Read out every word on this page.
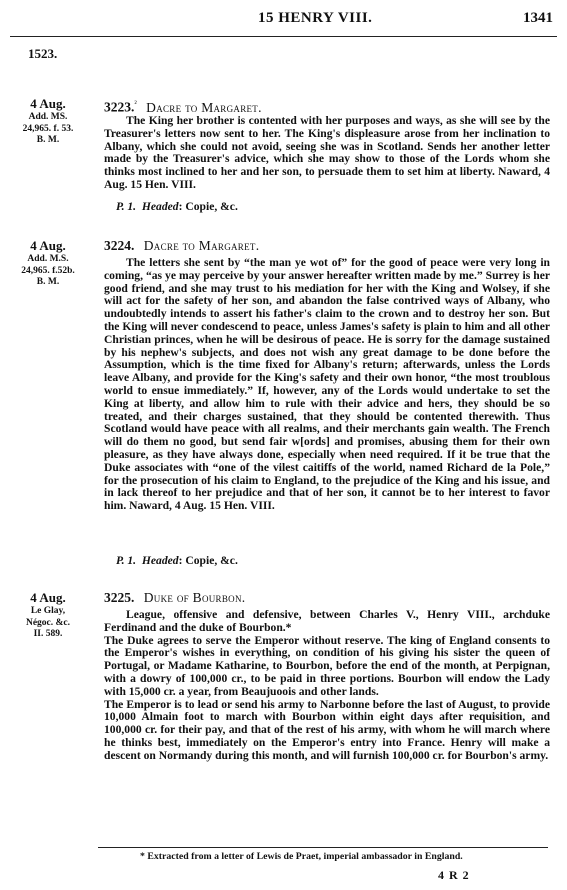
15 HENRY VIII.	1341
1523.
4 Aug.
Add. MS.
24,965. f. 53.
B. M.
3223.$^{^2}$ Dacre to Margaret.

The King her brother is contented with her purposes and ways, as she will see by the Treasurer's letters now sent to her. The King's displeasure arose from her inclination to Albany, which she could not avoid, seeing she was in Scotland. Sends her another letter made by the Treasurer's advice, which she may show to those of the Lords whom she thinks most inclined to her and her son, to persuade them to set him at liberty. Naward, 4 Aug. 15 Hen. VIII.

P. 1. Headed: Copie, &c.
4 Aug.
Add. M.S.
24,965. f.52b.
B. M.
3224. Dacre to Margaret.

The letters she sent by “the man ye wot of” for the good of peace were very long in coming, “as ye may perceive by your answer hereafter written made by me.” Surrey is her good friend, and she may trust to his mediation for her with the King and Wolsey, if she will act for the safety of her son, and abandon the false contrived ways of Albany, who undoubtedly intends to assert his father's claim to the crown and to destroy her son. But the King will never condescend to peace, unless James's safety is plain to him and all other Christian princes, when he will be desirous of peace. He is sorry for the damage sustained by his nephew's subjects, and does not wish any great damage to be done before the Assumption, which is the time fixed for Albany's return; afterwards, unless the Lords leave Albany, and provide for the King's safety and their own honor, “the most troublous world to ensue immediately.” If, however, any of the Lords would undertake to set the King at liberty, and allow him to rule with their advice and hers, they should be so treated, and their charges sustained, that they should be contented therewith. Thus Scotland would have peace with all realms, and their merchants gain wealth. The French will do them no good, but send fair w[ords] and promises, abusing them for their own pleasure, as they have always done, especially when need required. If it be true that the Duke associates with “one of the vilest caitiffs of the world, named Richard de la Pole,” for the prosecution of his claim to England, to the prejudice of the King and his issue, and in lack thereof to her prejudice and that of her son, it cannot be to her interest to favor him. Naward, 4 Aug. 15 Hen. VIII.

P. 1. Headed: Copie, &c.
4 Aug.
Le Glay,
Négoc. &c.
II. 589.
3225. Duke of Bourbon.

League, offensive and defensive, between Charles V., Henry VIII., archduke Ferdinand and the duke of Bourbon.*

The Duke agrees to serve the Emperor without reserve. The king of England consents to the Emperor's wishes in everything, on condition of his giving his sister the queen of Portugal, or Madame Katharine, to Bourbon, before the end of the month, at Perpignan, with a dowry of 100,000 cr., to be paid in three portions. Bourbon will endow the Lady with 15,000 cr. a year, from Beaujuoois and other lands.

The Emperor is to lead or send his army to Narbonne before the last of August, to provide 10,000 Almain foot to march with Bourbon within eight days after requisition, and 100,000 cr. for their pay, and that of the rest of his army, with whom he will march where he thinks best, immediately on the Emperor's entry into France. Henry will make a descent on Normandy during this month, and will furnish 100,000 cr. for Bourbon's army.

* Extracted from a letter of Lewis de Praet, imperial ambassador in England.
4 R 2
